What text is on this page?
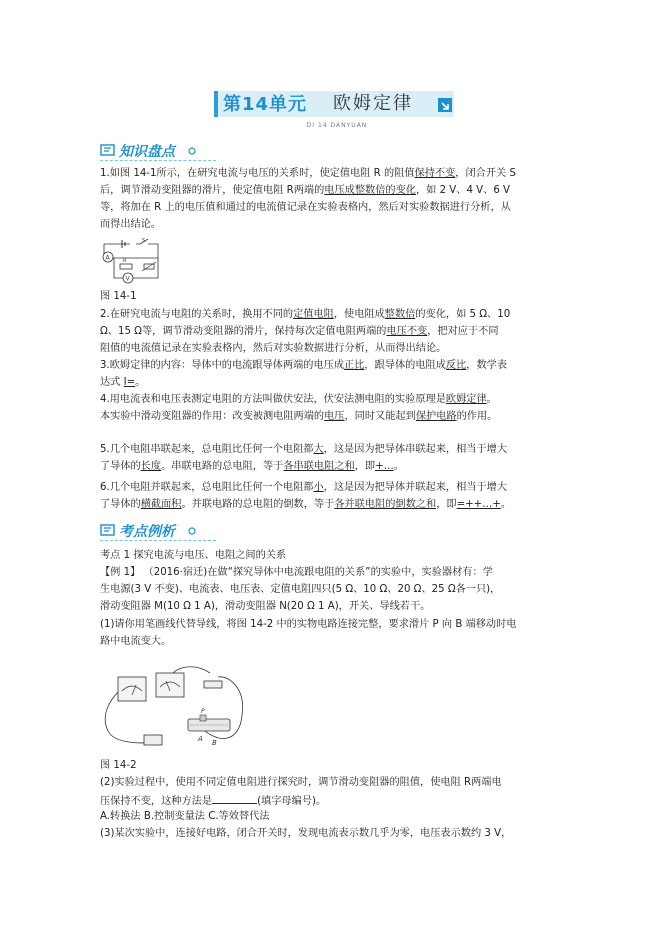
第14单元 欧姆定律
DI 14 DANYUAN
知识盘点
1.如图 14-1所示，在研究电流与电压的关系时，使定值电阻 R 的阻值保持不变，闭合开关 S
后，调节滑动变阻器的滑片，使定值电阻 R两端的电压成整数倍的变化，如 2 V、4 V、6 V
等，将加在 R 上的电压值和通过的电流值记录在实验表格内，然后对实验数据进行分析，从
而得出结论。
A	R
V
S
图 14-1
2.在研究电流与电阻的关系时，换用不同的定值电阻，使电阻成整数倍的变化，如 5 Ω、10
Ω、15 Ω等，调节滑动变阻器的滑片，保持每次定值电阻两端的电压不变，把对应于不同
阻值的电流值记录在实验表格内，然后对实验数据进行分析，从而得出结论。
3.欧姆定律的内容：导体中的电流跟导体两端的电压成正比，跟导体的电阻成反比，数学表
达式 I=。
4.用电流表和电压表测定电阻的方法叫做伏安法，伏安法测电阻的实验原理是欧姆定律。
本实验中滑动变阻器的作用：改变被测电阻两端的电压，同时又能起到保护电路的作用。
5.几个电阻串联起来，总电阻比任何一个电阻都大，这是因为把导体串联起来，相当于增大
了导体的长度。串联电路的总电阻，等于各串联电阻之和，即+…。
6.几个电阻并联起来，总电阻比任何一个电阻都小，这是因为把导体并联起来，相当于增大
了导体的横截面积。并联电路的总电阻的倒数，等于各并联电阻的倒数之和，即=++…+。
考点例析
考点 1 探究电流与电压、电阻之间的关系
【例 1】 （2016·宿迁)在做“探究导体中电流跟电阻的关系”的实验中，实验器材有：学
生电源(3 V 不变)、电流表、电压表、定值电阻四只(5 Ω、10 Ω、20 Ω、25 Ω各一只)，
滑动变阻器 M(10 Ω 1 A)，滑动变阻器 N(20 Ω 1 A)，开关、导线若干。
(1)请你用笔画线代替导线，将图 14-2 中的实物电路连接完整，要求滑片 P 向 B 端移动时电
路中电流变大。
P
A B
图 14-2
(2)实验过程中，使用不同定值电阻进行探究时，调节滑动变阻器的阻值，使电阻 R两端电
压保持不变，这种方法是	(填字母编号)。
A.转换法 B.控制变量法 C.等效替代法
(3)某次实验中，连接好电路，闭合开关时，发现电流表示数几乎为零，电压表示数约 3 V，
